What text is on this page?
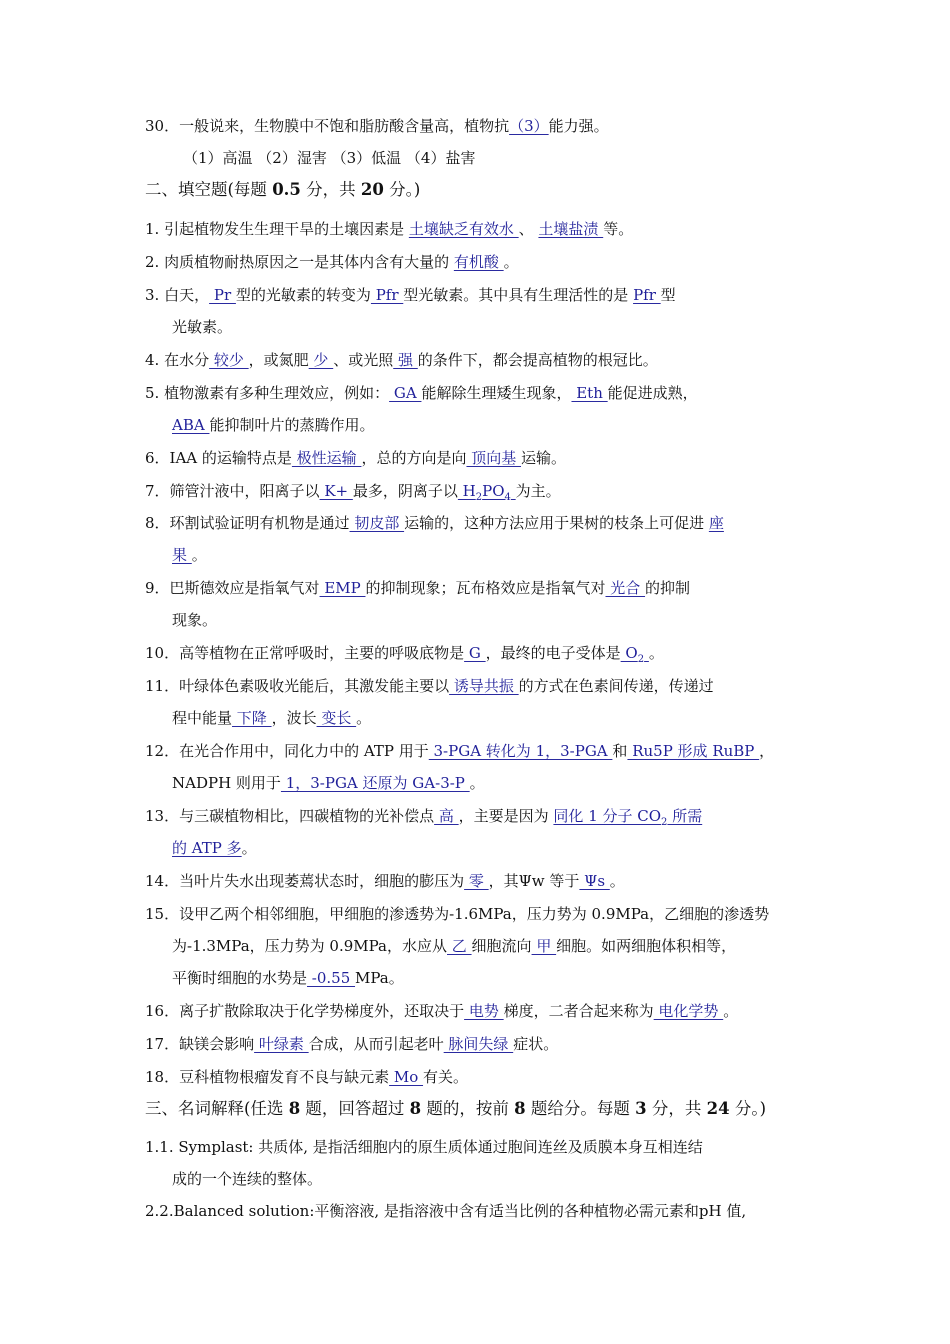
30．一般说来，生物膜中不饱和脂肪酸含量高，植物抗（3）能力强。
（1）高温 （2）湿害 （3）低温 （4）盐害
二、填空题(每题 0.5 分，共 20 分。)
1. 引起植物发生生理干旱的土壤因素是 土壤缺乏有效水 、 土壤盐渍 等。
2. 肉质植物耐热原因之一是其体内含有大量的 有机酸 。
3. 白天， Pr 型的光敏素的转变为 Pfr 型光敏素。其中具有生理活性的是 Pfr 型
光敏素。
4. 在水分 较少 ，或氮肥 少 、或光照 强 的条件下，都会提高植物的根冠比。
5. 植物激素有多种生理效应，例如： GA 能解除生理矮生现象， Eth 能促进成熟，
ABA 能抑制叶片的蒸腾作用。
6．IAA 的运输特点是 极性运输 ，总的方向是向 顶向基 运输。
7．筛管汁液中，阳离子以 K+ 最多，阴离子以 $H_2PO_4$ 为主。
8．环割试验证明有机物是通过 韧皮部 运输的，这种方法应用于果树的枝条上可促进 座
果 。
9．巴斯德效应是指氧气对 EMP 的抑制现象；瓦布格效应是指氧气对 光合 的抑制
现象。
10．高等植物在正常呼吸时，主要的呼吸底物是 G ，最终的电子受体是 $O_2$ 。
11．叶绿体色素吸收光能后，其激发能主要以 诱导共振 的方式在色素间传递，传递过
程中能量 下降 ，波长 变长 。
12．在光合作用中，同化力中的 ATP 用于 3-PGA 转化为 1，3-PGA 和 Ru5P 形成 RuBP ，
NADPH 则用于 1，3-PGA 还原为 GA-3-P 。
13．与三碳植物相比，四碳植物的光补偿点 高 ，主要是因为 同化 1 分子 $CO_2$ 所需
的 ATP 多。
14．当叶片失水出现萎蔫状态时，细胞的膨压为 零 ，其Ψw 等于 Ψs 。
15．设甲乙两个相邻细胞，甲细胞的渗透势为-1.6MPa，压力势为 0.9MPa，乙细胞的渗透势
为-1.3MPa，压力势为 0.9MPa，水应从 乙 细胞流向 甲 细胞。如两细胞体积相等，
平衡时细胞的水势是 -0.55 MPa。
16．离子扩散除取决于化学势梯度外，还取决于 电势 梯度，二者合起来称为 电化学势 。
17．缺镁会影响 叶绿素 合成，从而引起老叶 脉间失绿 症状。
18．豆科植物根瘤发育不良与缺元素 Mo 有关。
三、名词解释(任选 8 题，回答超过 8 题的，按前 8 题给分。每题 3 分，共 24 分。)
1.1. Symplast: 共质体, 是指活细胞内的原生质体通过胞间连丝及质膜本身互相连结
成的一个连续的整体。
2.2.Balanced solution:平衡溶液, 是指溶液中含有适当比例的各种植物必需元素和pH 值,
